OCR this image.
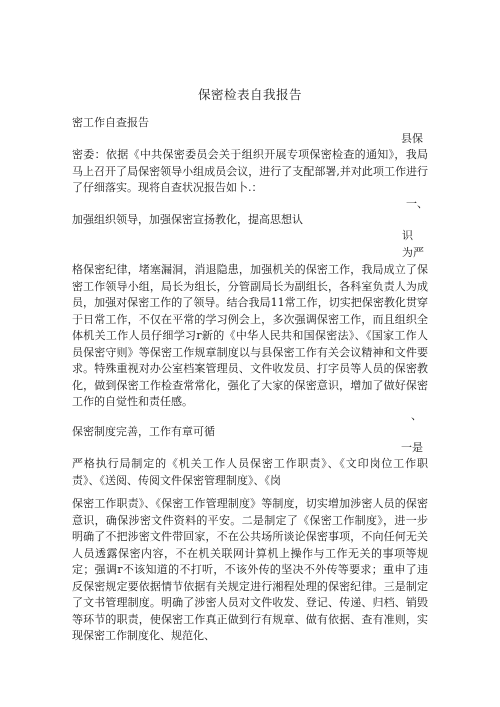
保密检表自我报告

密工作自查报告

县保

密委：依据《中共保密委员会关于组织开展专项保密检查的通知》，我局马上召开了局保密领导小组成员会议，进行了支配部署,并对此项工作进行了仔细落实。现将自查状况报告如卜.：

一、

加强组织领导，加强保密宣扬教化，提高思想认

识
为严

格保密纪律，堵塞漏洞，消退隐患，加强机关的保密工作，我局成立了保密工作领导小组，局长为组长，分管副局长为副组长，各科室负责人为成员，加强对保密工作的了领导。结合我局11常工作，切实把保密教化贯穿于日常工作，不仅在平常的学习例会上，多次强调保密工作，而且组织全体机关工作人员仔细学习r新的《中华人民共和国保密法》、《国家工作人员保密守则》等保密工作规章制度以与县保密工作有关会议精神和文件要求。特殊重视对办公室档案管理员、文件收发员、打字员等人员的保密教化，做到保密工作检查常常化，强化了大家的保密意识，增加了做好保密工作的自觉性和责任感。

、

保密制度完善，工作有章可循

一是

严格执行局制定的《机关工作人员保密工作职责》、《文印岗位工作职责》、《送阅、传阅文件保密管理制度》、《岗

保密工作职责》、《保密工作管理制度》等制度，切实增加涉密人员的保密意识，确保涉密文件资料的平安。二是制定了《保密工作制度》，进一步明确了不把涉密文件带回家，不在公共场所谈论保密事项，不向任何无关人员透露保密内容，不在机关联网计算机上操作与工作无关的事项等规定；强调r不该知道的不打听，不该外传的坚决不外传等要求；重申了违反保密规定要依据情节依据有关规定进行湘程处理的保密纪律。三是制定了文书管理制度。明确了涉密人员对文件收发、登记、传递、归档、销毁等环节的职责，使保密工作真正做到行有规章、做有依据、查有准则，实现保密工作制度化、规范化、
